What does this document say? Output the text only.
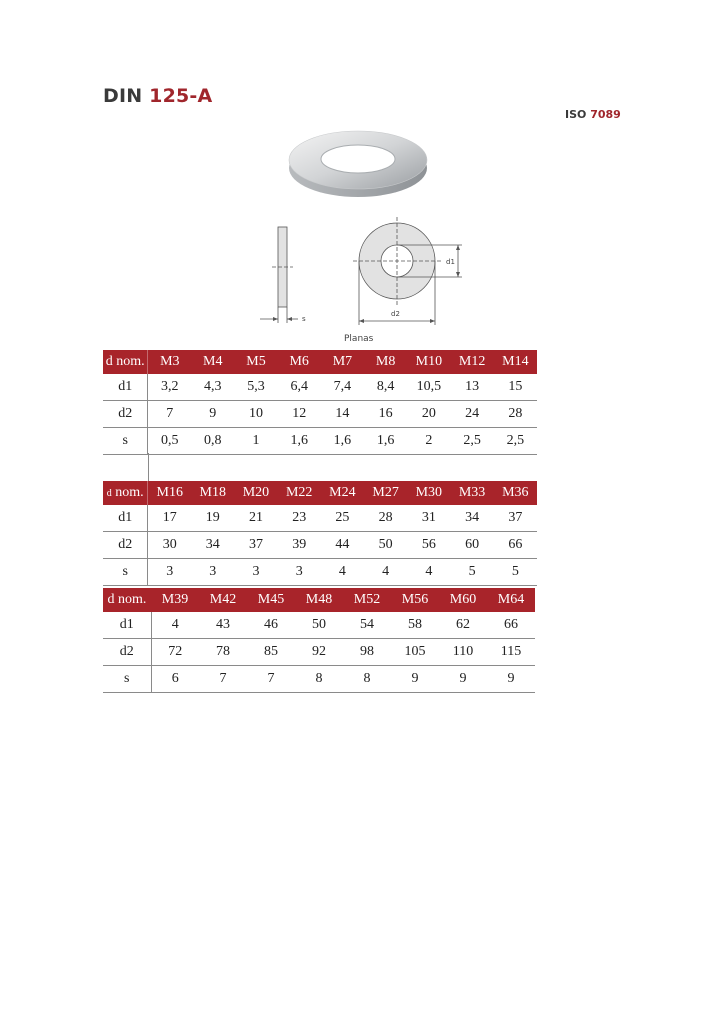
DIN 125-A
ISO 7089
s
d1
d2
Planas
d nom.	M3	M4	M5	M6	M7	M8	M10	M12	M14
d1	3,2	4,3	5,3	6,4	7,4	8,4	10,5	13	15
d2	7	9	10	12	14	16	20	24	28
s	0,5	0,8	1	1,6	1,6	1,6	2	2,5	2,5
d nom.	M16	M18	M20	M22	M24	M27	M30	M33	M36
d1	17	19	21	23	25	28	31	34	37
d2	30	34	37	39	44	50	56	60	66
s	3	3	3	3	4	4	4	5	5
d nom.	M39	M42	M45	M48	M52	M56	M60	M64
d1	4	43	46	50	54	58	62	66
d2	72	78	85	92	98	105	110	115
s	6	7	7	8	8	9	9	9
